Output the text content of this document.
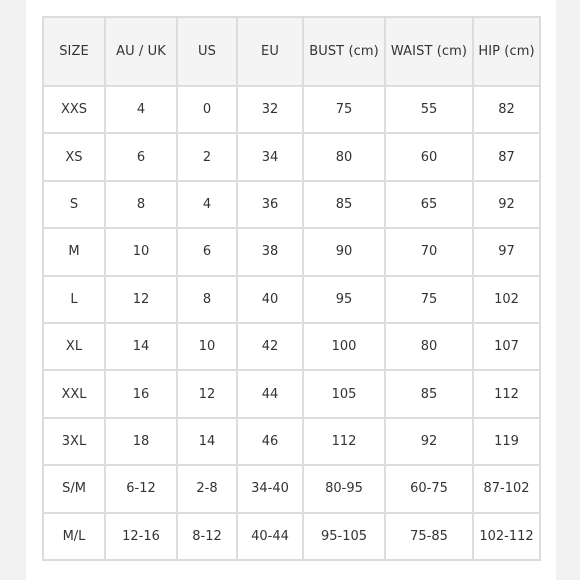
SIZE	AU / UK	US	EU	BUST (cm)	WAIST (cm)	HIP (cm)
XXS	4	0	32	75	55	82
XS	6	2	34	80	60	87
S	8	4	36	85	65	92
M	10	6	38	90	70	97
L	12	8	40	95	75	102
XL	14	10	42	100	80	107
XXL	16	12	44	105	85	112
3XL	18	14	46	112	92	119
S/M	6-12	2-8	34-40	80-95	60-75	87-102
M/L	12-16	8-12	40-44	95-105	75-85	102-112
